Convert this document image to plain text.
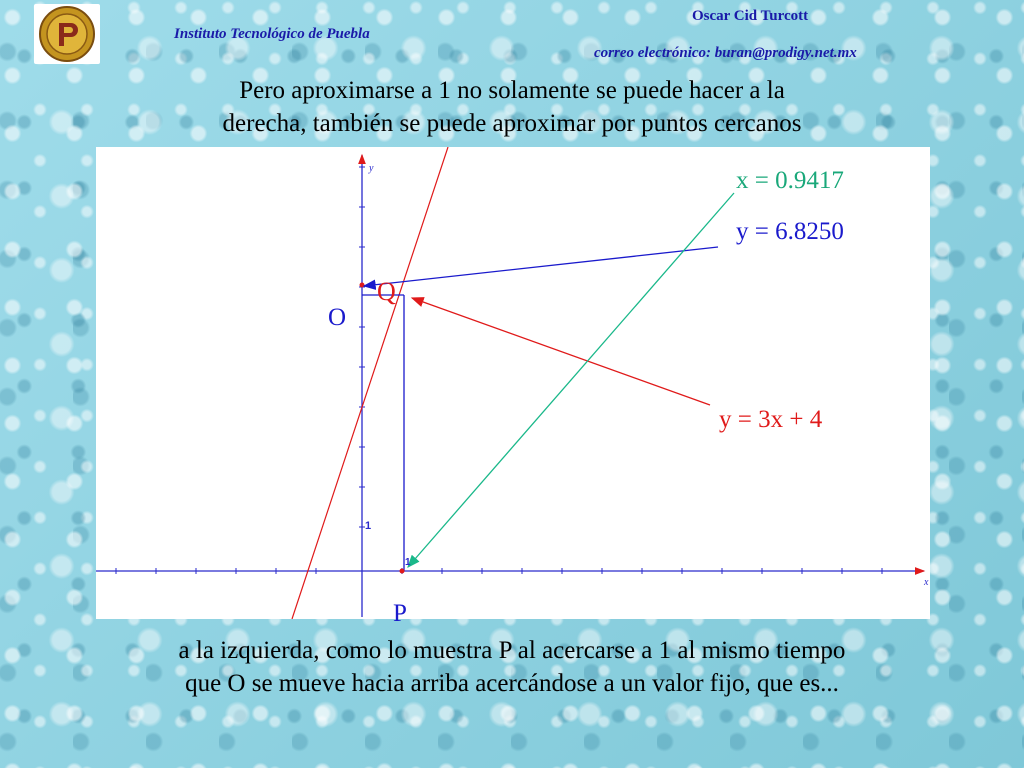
Instituto Tecnológico de Puebla
Oscar Cid Turcott
correo electrónico: buran@prodigy.net.mx
Pero aproximarse a 1 no solamente se puede hacer a la
derecha, también se puede aproximar por puntos cercanos
y
x
1
1
x = 0.9417
y = 6.8250
y = 3x + 4
Q
O
P
a la izquierda, como lo muestra P al acercarse a 1 al mismo tiempo
que O se mueve hacia arriba acercándose a un valor fijo, que es...
